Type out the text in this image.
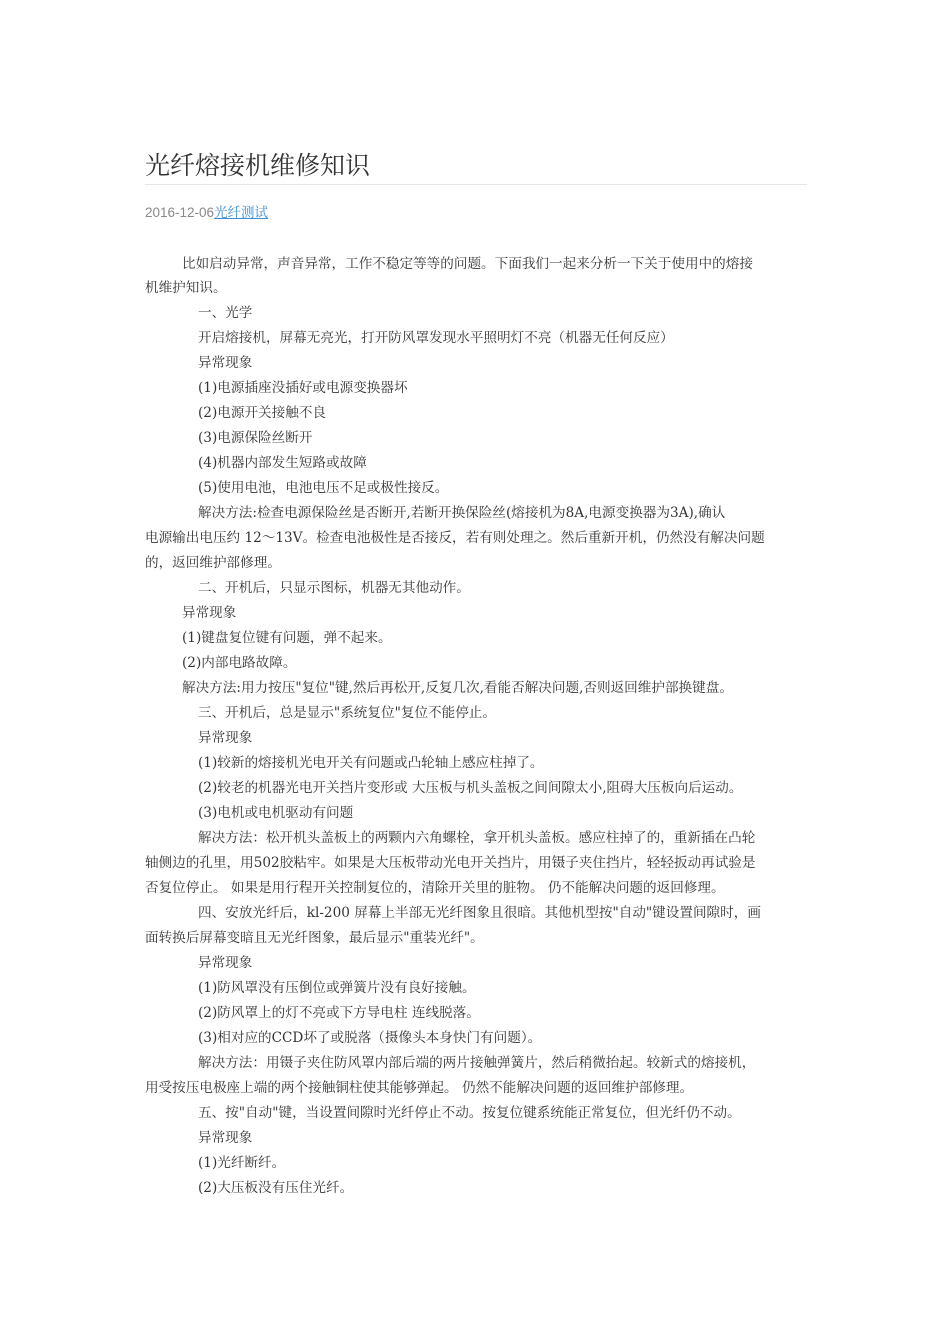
光纤熔接机维修知识
2016-12-06光纤测试
比如启动异常，声音异常，工作不稳定等等的问题。下面我们一起来分析一下关于使用中的熔接
机维护知识。
一、光学
开启熔接机，屏幕无亮光，打开防风罩发现水平照明灯不亮（机器无任何反应）
异常现象
(1)电源插座没插好或电源变换器坏
(2)电源开关接触不良
(3)电源保险丝断开
(4)机器内部发生短路或故障
(5)使用电池，电池电压不足或极性接反。
解决方法:检查电源保险丝是否断开,若断开换保险丝(熔接机为8A,电源变换器为3A),确认
电源输出电压约 12～13V。检查电池极性是否接反，若有则处理之。然后重新开机，仍然没有解决问题
的，返回维护部修理。
二、开机后，只显示图标，机器无其他动作。
异常现象
(1)键盘复位键有问题，弹不起来。
(2)内部电路故障。
解决方法:用力按压"复位"键,然后再松开,反复几次,看能否解决问题,否则返回维护部换键盘。
三、开机后，总是显示"系统复位"复位不能停止。
异常现象
(1)较新的熔接机光电开关有问题或凸轮轴上感应柱掉了。
(2)较老的机器光电开关挡片变形或 大压板与机头盖板之间间隙太小,阻碍大压板向后运动。
(3)电机或电机驱动有问题
解决方法：松开机头盖板上的两颗内六角螺栓，拿开机头盖板。感应柱掉了的，重新插在凸轮
轴侧边的孔里，用502胶粘牢。如果是大压板带动光电开关挡片，用镊子夹住挡片，轻轻扳动再试验是
否复位停止。 如果是用行程开关控制复位的，清除开关里的脏物。 仍不能解决问题的返回修理。
四、安放光纤后，kl-200 屏幕上半部无光纤图象且很暗。其他机型按"自动"键设置间隙时，画
面转换后屏幕变暗且无光纤图象，最后显示"重装光纤"。
异常现象
(1)防风罩没有压倒位或弹簧片没有良好接触。
(2)防风罩上的灯不亮或下方导电柱 连线脱落。
(3)相对应的CCD坏了或脱落（摄像头本身快门有问题）。
解决方法：用镊子夹住防风罩内部后端的两片接触弹簧片，然后稍微抬起。较新式的熔接机，
用受按压电极座上端的两个接触铜柱使其能够弹起。 仍然不能解决问题的返回维护部修理。
五、按"自动"键，当设置间隙时光纤停止不动。按复位键系统能正常复位，但光纤仍不动。
异常现象
(1)光纤断纤。
(2)大压板没有压住光纤。
